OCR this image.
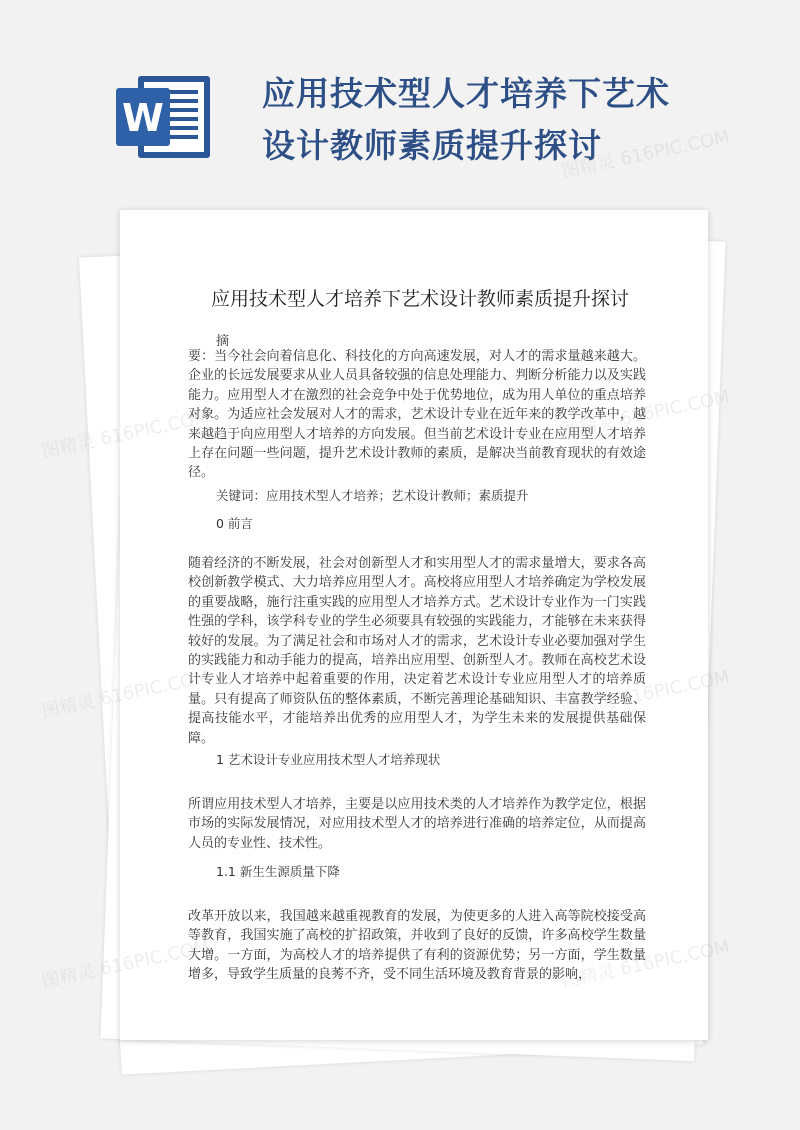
W
应用技术型人才培养下艺术设计教师素质提升探讨
应用技术型人才培养下艺术设计教师素质提升探讨
摘

要：当今社会向着信息化、科技化的方向高速发展，对人才的需求量越来越大。企业的长远发展要求从业人员具备较强的信息处理能力、判断分析能力以及实践能力。应用型人才在激烈的社会竞争中处于优势地位，成为用人单位的重点培养对象。为适应社会发展对人才的需求，艺术设计专业在近年来的教学改革中，越来越趋于向应用型人才培养的方向发展。但当前艺术设计专业在应用型人才培养上存在问题一些问题，提升艺术设计教师的素质，是解决当前教育现状的有效途径。

关键词：应用技术型人才培养；艺术设计教师；素质提升

0 前言

随着经济的不断发展，社会对创新型人才和实用型人才的需求量增大，要求各高校创新教学模式、大力培养应用型人才。高校将应用型人才培养确定为学校发展的重要战略，施行注重实践的应用型人才培养方式。艺术设计专业作为一门实践性强的学科，该学科专业的学生必须要具有较强的实践能力，才能够在未来获得较好的发展。为了满足社会和市场对人才的需求，艺术设计专业必要加强对学生的实践能力和动手能力的提高，培养出应用型、创新型人才。教师在高校艺术设计专业人才培养中起着重要的作用，决定着艺术设计专业应用型人才的培养质量。只有提高了师资队伍的整体素质，不断完善理论基础知识、丰富教学经验、提高技能水平，才能培养出优秀的应用型人才，为学生未来的发展提供基础保障。

1 艺术设计专业应用技术型人才培养现状

所谓应用技术型人才培养，主要是以应用技术类的人才培养作为教学定位，根据市场的实际发展情况，对应用技术型人才的培养进行准确的培养定位，从而提高人员的专业性、技术性。

1.1 新生生源质量下降

改革开放以来，我国越来越重视教育的发展，为使更多的人进入高等院校接受高等教育，我国实施了高校的扩招政策，并收到了良好的反馈，许多高校学生数量大增。一方面，为高校人才的培养提供了有利的资源优势；另一方面，学生数量增多，导致学生质量的良莠不齐，受不同生活环境及教育背景的影响，

图精灵 616PIC.COM
图精灵 616PIC.COM	图精灵 616PIC.COM
图精灵 616PIC.COM	图精灵 616PIC.COM
图精灵 616PIC.COM	图精灵 616PIC.COM
